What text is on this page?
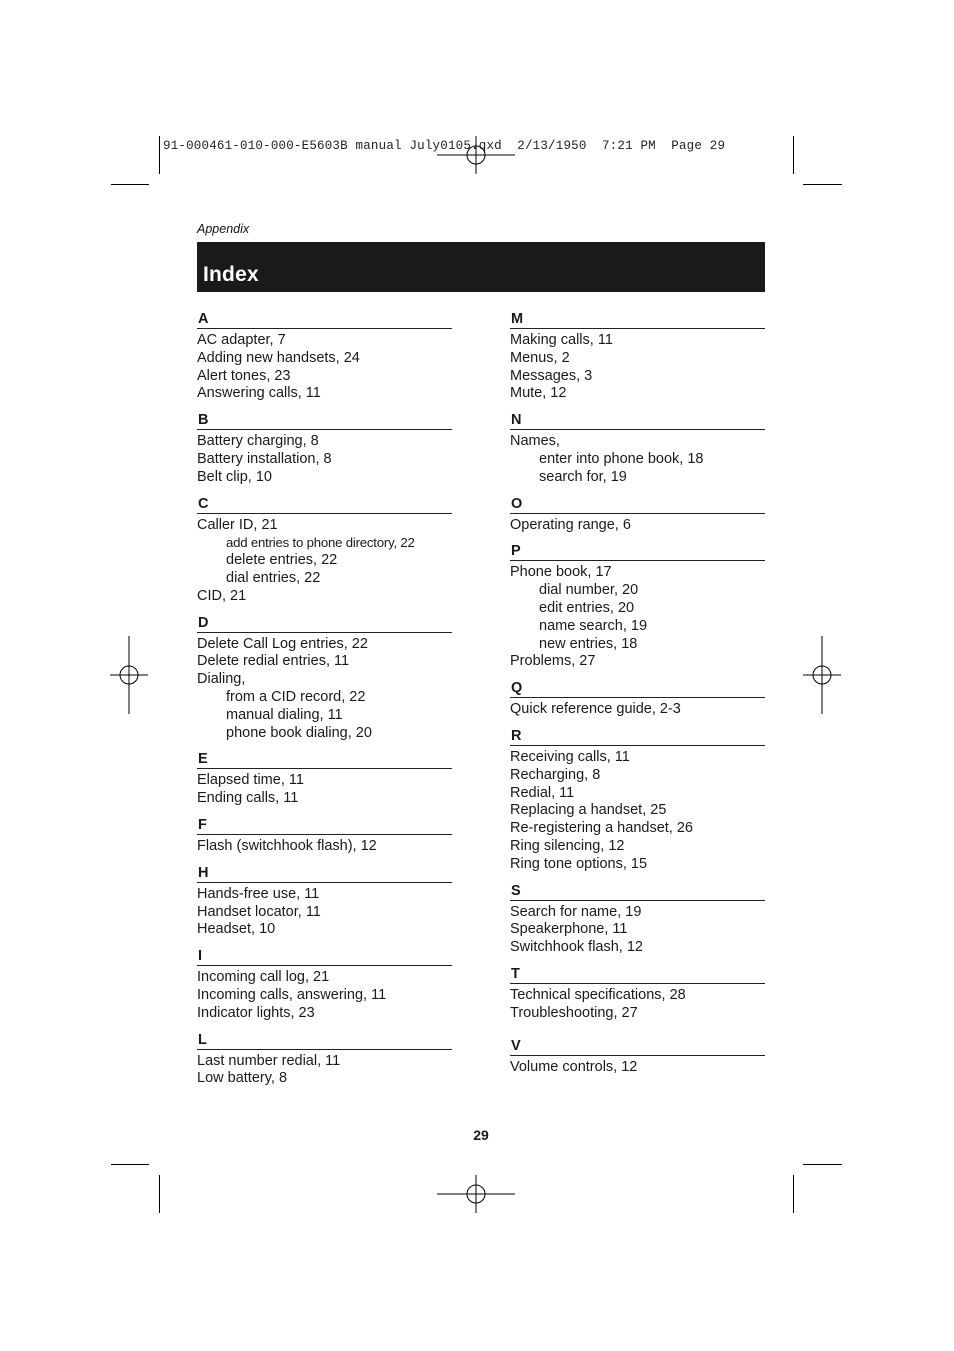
91-000461-010-000-E5603B manual July0105.qxd  2/13/1950  7:21 PM  Page 29
Appendix
Index
A
AC adapter, 7
Adding new handsets, 24
Alert tones, 23
Answering calls, 11
B
Battery charging, 8
Battery installation, 8
Belt clip, 10
C
Caller ID, 21
add entries to phone directory, 22
delete entries, 22
dial entries, 22
CID, 21
D
Delete Call Log entries, 22
Delete redial entries, 11
Dialing,
from a CID record, 22
manual dialing, 11
phone book dialing, 20
E
Elapsed time, 11
Ending calls, 11
F
Flash (switchhook flash), 12
H
Hands-free use, 11
Handset locator, 11
Headset, 10
I
Incoming call log, 21
Incoming calls, answering, 11
Indicator lights, 23
L
Last number redial, 11
Low battery, 8
M
Making calls, 11
Menus, 2
Messages, 3
Mute, 12
N
Names,
enter into phone book, 18
search for, 19
O
Operating range, 6
P
Phone book, 17
dial number, 20
edit entries, 20
name search, 19
new entries, 18
Problems, 27
Q
Quick reference guide, 2-3
R
Receiving calls, 11
Recharging, 8
Redial, 11
Replacing a handset, 25
Re-registering a handset, 26
Ring silencing, 12
Ring tone options, 15
S
Search for name, 19
Speakerphone, 11
Switchhook flash, 12
T
Technical specifications, 28
Troubleshooting, 27
V
Volume controls, 12
29
